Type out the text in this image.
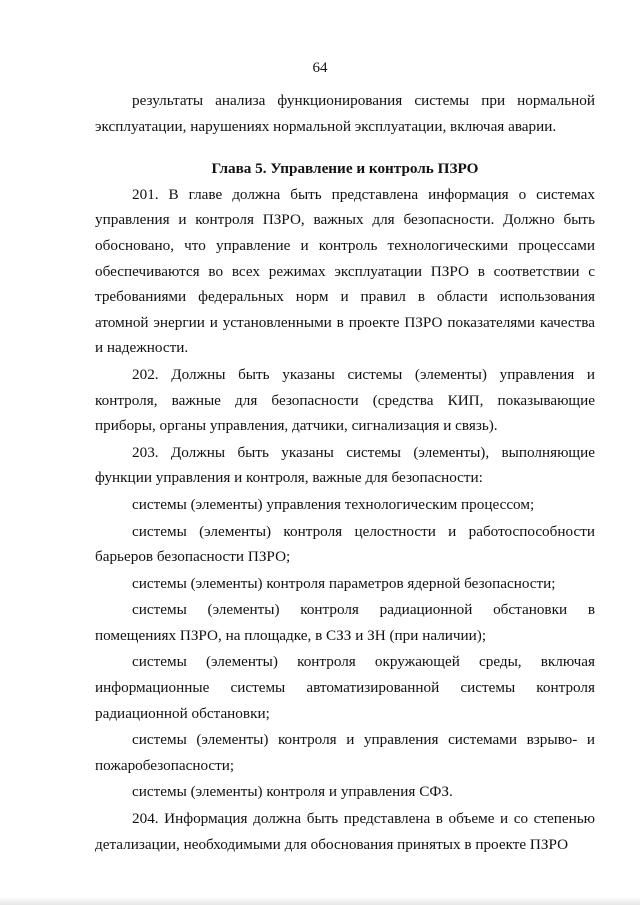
64

результаты анализа функционирования системы при нормальной эксплуатации, нарушениях нормальной эксплуатации, включая аварии.

Глава 5. Управление и контроль ПЗРО

201. В главе должна быть представлена информация о системах управления и контроля ПЗРО, важных для безопасности. Должно быть обосновано, что управление и контроль технологическими процессами обеспечиваются во всех режимах эксплуатации ПЗРО в соответствии с требованиями федеральных норм и правил в области использования атомной энергии и установленными в проекте ПЗРО показателями качества и надежности.

202. Должны быть указаны системы (элементы) управления и контроля, важные для безопасности (средства КИП, показывающие приборы, органы управления, датчики, сигнализация и связь).

203. Должны быть указаны системы (элементы), выполняющие функции управления и контроля, важные для безопасности:

системы (элементы) управления технологическим процессом;

системы (элементы) контроля целостности и работоспособности барьеров безопасности ПЗРО;

системы (элементы) контроля параметров ядерной безопасности;

системы (элементы) контроля радиационной обстановки в помещениях ПЗРО, на площадке, в СЗЗ и ЗН (при наличии);

системы (элементы) контроля окружающей среды, включая информационные системы автоматизированной системы контроля радиационной обстановки;

системы (элементы) контроля и управления системами взрыво- и пожаробезопасности;

системы (элементы) контроля и управления СФЗ.

204. Информация должна быть представлена в объеме и со степенью детализации, необходимыми для обоснования принятых в проекте ПЗРО
